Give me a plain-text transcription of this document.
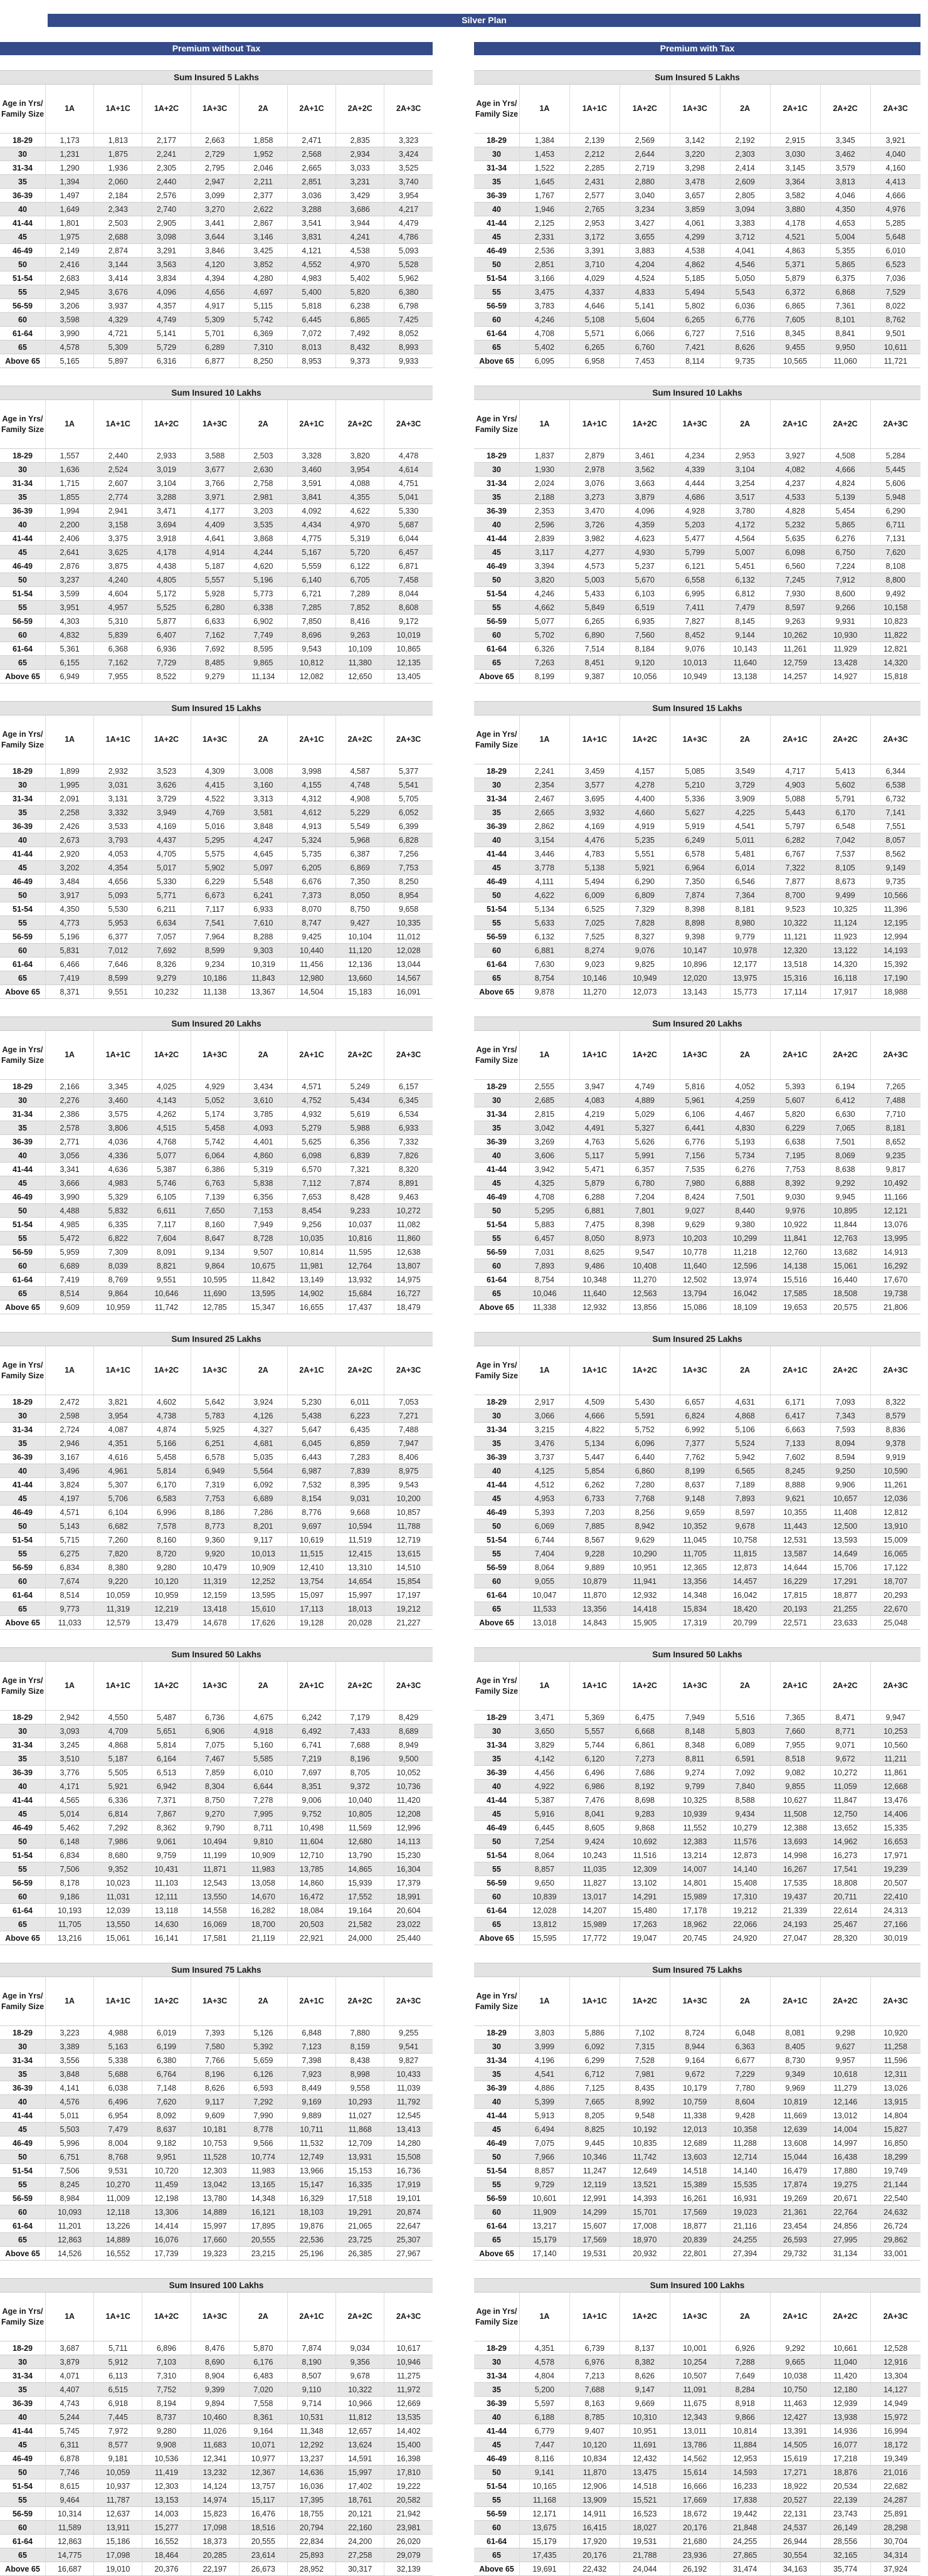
Silver Plan
Premium without Tax
Sum Insured 5 Lakhs
Age in Yrs/ Family Size	1A	1A+1C	1A+2C	1A+3C	2A	2A+1C	2A+2C	2A+3C
18-29	1,173	1,813	2,177	2,663	1,858	2,471	2,835	3,323
30	1,231	1,875	2,241	2,729	1,952	2,568	2,934	3,424
31-34	1,290	1,936	2,305	2,795	2,046	2,665	3,033	3,525
35	1,394	2,060	2,440	2,947	2,211	2,851	3,231	3,740
36-39	1,497	2,184	2,576	3,099	2,377	3,036	3,429	3,954
40	1,649	2,343	2,740	3,270	2,622	3,288	3,686	4,217
41-44	1,801	2,503	2,905	3,441	2,867	3,541	3,944	4,479
45	1,975	2,688	3,098	3,644	3,146	3,831	4,241	4,786
46-49	2,149	2,874	3,291	3,846	3,425	4,121	4,538	5,093
50	2,416	3,144	3,563	4,120	3,852	4,552	4,970	5,528
51-54	2,683	3,414	3,834	4,394	4,280	4,983	5,402	5,962
55	2,945	3,676	4,096	4,656	4,697	5,400	5,820	6,380
56-59	3,206	3,937	4,357	4,917	5,115	5,818	6,238	6,798
60	3,598	4,329	4,749	5,309	5,742	6,445	6,865	7,425
61-64	3,990	4,721	5,141	5,701	6,369	7,072	7,492	8,052
65	4,578	5,309	5,729	6,289	7,310	8,013	8,432	8,993
Above 65	5,165	5,897	6,316	6,877	8,250	8,953	9,373	9,933
Sum Insured 10 Lakhs
Age in Yrs/ Family Size	1A	1A+1C	1A+2C	1A+3C	2A	2A+1C	2A+2C	2A+3C
18-29	1,557	2,440	2,933	3,588	2,503	3,328	3,820	4,478
30	1,636	2,524	3,019	3,677	2,630	3,460	3,954	4,614
31-34	1,715	2,607	3,104	3,766	2,758	3,591	4,088	4,751
35	1,855	2,774	3,288	3,971	2,981	3,841	4,355	5,041
36-39	1,994	2,941	3,471	4,177	3,203	4,092	4,622	5,330
40	2,200	3,158	3,694	4,409	3,535	4,434	4,970	5,687
41-44	2,406	3,375	3,918	4,641	3,868	4,775	5,319	6,044
45	2,641	3,625	4,178	4,914	4,244	5,167	5,720	6,457
46-49	2,876	3,875	4,438	5,187	4,620	5,559	6,122	6,871
50	3,237	4,240	4,805	5,557	5,196	6,140	6,705	7,458
51-54	3,599	4,604	5,172	5,928	5,773	6,721	7,289	8,044
55	3,951	4,957	5,525	6,280	6,338	7,285	7,852	8,608
56-59	4,303	5,310	5,877	6,633	6,902	7,850	8,416	9,172
60	4,832	5,839	6,407	7,162	7,749	8,696	9,263	10,019
61-64	5,361	6,368	6,936	7,692	8,595	9,543	10,109	10,865
65	6,155	7,162	7,729	8,485	9,865	10,812	11,380	12,135
Above 65	6,949	7,955	8,522	9,279	11,134	12,082	12,650	13,405
Sum Insured 15 Lakhs
Age in Yrs/ Family Size	1A	1A+1C	1A+2C	1A+3C	2A	2A+1C	2A+2C	2A+3C
18-29	1,899	2,932	3,523	4,309	3,008	3,998	4,587	5,377
30	1,995	3,031	3,626	4,415	3,160	4,155	4,748	5,541
31-34	2,091	3,131	3,729	4,522	3,313	4,312	4,908	5,705
35	2,258	3,332	3,949	4,769	3,581	4,612	5,229	6,052
36-39	2,426	3,533	4,169	5,016	3,848	4,913	5,549	6,399
40	2,673	3,793	4,437	5,295	4,247	5,324	5,968	6,828
41-44	2,920	4,053	4,705	5,575	4,645	5,735	6,387	7,256
45	3,202	4,354	5,017	5,902	5,097	6,205	6,869	7,753
46-49	3,484	4,656	5,330	6,229	5,548	6,676	7,350	8,250
50	3,917	5,093	5,771	6,673	6,241	7,373	8,050	8,954
51-54	4,350	5,530	6,211	7,117	6,933	8,070	8,750	9,658
55	4,773	5,953	6,634	7,541	7,610	8,747	9,427	10,335
56-59	5,196	6,377	7,057	7,964	8,288	9,425	10,104	11,012
60	5,831	7,012	7,692	8,599	9,303	10,440	11,120	12,028
61-64	6,466	7,646	8,326	9,234	10,319	11,456	12,136	13,044
65	7,419	8,599	9,279	10,186	11,843	12,980	13,660	14,567
Above 65	8,371	9,551	10,232	11,138	13,367	14,504	15,183	16,091
Sum Insured 20 Lakhs
Age in Yrs/ Family Size	1A	1A+1C	1A+2C	1A+3C	2A	2A+1C	2A+2C	2A+3C
18-29	2,166	3,345	4,025	4,929	3,434	4,571	5,249	6,157
30	2,276	3,460	4,143	5,052	3,610	4,752	5,434	6,345
31-34	2,386	3,575	4,262	5,174	3,785	4,932	5,619	6,534
35	2,578	3,806	4,515	5,458	4,093	5,279	5,988	6,933
36-39	2,771	4,036	4,768	5,742	4,401	5,625	6,356	7,332
40	3,056	4,336	5,077	6,064	4,860	6,098	6,839	7,826
41-44	3,341	4,636	5,387	6,386	5,319	6,570	7,321	8,320
45	3,666	4,983	5,746	6,763	5,838	7,112	7,874	8,891
46-49	3,990	5,329	6,105	7,139	6,356	7,653	8,428	9,463
50	4,488	5,832	6,611	7,650	7,153	8,454	9,233	10,272
51-54	4,985	6,335	7,117	8,160	7,949	9,256	10,037	11,082
55	5,472	6,822	7,604	8,647	8,728	10,035	10,816	11,860
56-59	5,959	7,309	8,091	9,134	9,507	10,814	11,595	12,638
60	6,689	8,039	8,821	9,864	10,675	11,981	12,764	13,807
61-64	7,419	8,769	9,551	10,595	11,842	13,149	13,932	14,975
65	8,514	9,864	10,646	11,690	13,595	14,902	15,684	16,727
Above 65	9,609	10,959	11,742	12,785	15,347	16,655	17,437	18,479
Sum Insured 25 Lakhs
Age in Yrs/ Family Size	1A	1A+1C	1A+2C	1A+3C	2A	2A+1C	2A+2C	2A+3C
18-29	2,472	3,821	4,602	5,642	3,924	5,230	6,011	7,053
30	2,598	3,954	4,738	5,783	4,126	5,438	6,223	7,271
31-34	2,724	4,087	4,874	5,925	4,327	5,647	6,435	7,488
35	2,946	4,351	5,166	6,251	4,681	6,045	6,859	7,947
36-39	3,167	4,616	5,458	6,578	5,035	6,443	7,283	8,406
40	3,496	4,961	5,814	6,949	5,564	6,987	7,839	8,975
41-44	3,824	5,307	6,170	7,319	6,092	7,532	8,395	9,543
45	4,197	5,706	6,583	7,753	6,689	8,154	9,031	10,200
46-49	4,571	6,104	6,996	8,186	7,286	8,776	9,668	10,857
50	5,143	6,682	7,578	8,773	8,201	9,697	10,594	11,788
51-54	5,715	7,260	8,160	9,360	9,117	10,619	11,519	12,719
55	6,275	7,820	8,720	9,920	10,013	11,515	12,415	13,615
56-59	6,834	8,380	9,280	10,479	10,909	12,410	13,310	14,510
60	7,674	9,220	10,120	11,319	12,252	13,754	14,654	15,854
61-64	8,514	10,059	10,959	12,159	13,595	15,097	15,997	17,197
65	9,773	11,319	12,219	13,418	15,610	17,113	18,013	19,212
Above 65	11,033	12,579	13,479	14,678	17,626	19,128	20,028	21,227
Sum Insured 50 Lakhs
Age in Yrs/ Family Size	1A	1A+1C	1A+2C	1A+3C	2A	2A+1C	2A+2C	2A+3C
18-29	2,942	4,550	5,487	6,736	4,675	6,242	7,179	8,429
30	3,093	4,709	5,651	6,906	4,918	6,492	7,433	8,689
31-34	3,245	4,868	5,814	7,075	5,160	6,741	7,688	8,949
35	3,510	5,187	6,164	7,467	5,585	7,219	8,196	9,500
36-39	3,776	5,505	6,513	7,859	6,010	7,697	8,705	10,052
40	4,171	5,921	6,942	8,304	6,644	8,351	9,372	10,736
41-44	4,565	6,336	7,371	8,750	7,278	9,006	10,040	11,420
45	5,014	6,814	7,867	9,270	7,995	9,752	10,805	12,208
46-49	5,462	7,292	8,362	9,790	8,711	10,498	11,569	12,996
50	6,148	7,986	9,061	10,494	9,810	11,604	12,680	14,113
51-54	6,834	8,680	9,759	11,199	10,909	12,710	13,790	15,230
55	7,506	9,352	10,431	11,871	11,983	13,785	14,865	16,304
56-59	8,178	10,023	11,103	12,543	13,058	14,860	15,939	17,379
60	9,186	11,031	12,111	13,550	14,670	16,472	17,552	18,991
61-64	10,193	12,039	13,118	14,558	16,282	18,084	19,164	20,604
65	11,705	13,550	14,630	16,069	18,700	20,503	21,582	23,022
Above 65	13,216	15,061	16,141	17,581	21,119	22,921	24,000	25,440
Sum Insured 75 Lakhs
Age in Yrs/ Family Size	1A	1A+1C	1A+2C	1A+3C	2A	2A+1C	2A+2C	2A+3C
18-29	3,223	4,988	6,019	7,393	5,126	6,848	7,880	9,255
30	3,389	5,163	6,199	7,580	5,392	7,123	8,159	9,541
31-34	3,556	5,338	6,380	7,766	5,659	7,398	8,438	9,827
35	3,848	5,688	6,764	8,196	6,126	7,923	8,998	10,433
36-39	4,141	6,038	7,148	8,626	6,593	8,449	9,558	11,039
40	4,576	6,496	7,620	9,117	7,292	9,169	10,293	11,792
41-44	5,011	6,954	8,092	9,609	7,990	9,889	11,027	12,545
45	5,503	7,479	8,637	10,181	8,778	10,711	11,868	13,413
46-49	5,996	8,004	9,182	10,753	9,566	11,532	12,709	14,280
50	6,751	8,768	9,951	11,528	10,774	12,749	13,931	15,508
51-54	7,506	9,531	10,720	12,303	11,983	13,966	15,153	16,736
55	8,245	10,270	11,459	13,042	13,165	15,147	16,335	17,919
56-59	8,984	11,009	12,198	13,780	14,348	16,329	17,518	19,101
60	10,093	12,118	13,306	14,889	16,121	18,103	19,291	20,874
61-64	11,201	13,226	14,414	15,997	17,895	19,876	21,065	22,647
65	12,863	14,889	16,076	17,660	20,555	22,536	23,725	25,307
Above 65	14,526	16,552	17,739	19,323	23,215	25,196	26,385	27,967
Sum Insured 100 Lakhs
Age in Yrs/ Family Size	1A	1A+1C	1A+2C	1A+3C	2A	2A+1C	2A+2C	2A+3C
18-29	3,687	5,711	6,896	8,476	5,870	7,874	9,034	10,617
30	3,879	5,912	7,103	8,690	6,176	8,190	9,356	10,946
31-34	4,071	6,113	7,310	8,904	6,483	8,507	9,678	11,275
35	4,407	6,515	7,752	9,399	7,020	9,110	10,322	11,972
36-39	4,743	6,918	8,194	9,894	7,558	9,714	10,966	12,669
40	5,244	7,445	8,737	10,460	8,361	10,531	11,812	13,535
41-44	5,745	7,972	9,280	11,026	9,164	11,348	12,657	14,402
45	6,311	8,577	9,908	11,683	10,071	12,292	13,624	15,400
46-49	6,878	9,181	10,536	12,341	10,977	13,237	14,591	16,398
50	7,746	10,059	11,419	13,232	12,367	14,636	15,997	17,810
51-54	8,615	10,937	12,303	14,124	13,757	16,036	17,402	19,222
55	9,464	11,787	13,153	14,974	15,117	17,395	18,761	20,582
56-59	10,314	12,637	14,003	15,823	16,476	18,755	20,121	21,942
60	11,589	13,911	15,277	17,098	18,516	20,794	22,160	23,981
61-64	12,863	15,186	16,552	18,373	20,555	22,834	24,200	26,020
65	14,775	17,098	18,464	20,285	23,614	25,893	27,258	29,079
Above 65	16,687	19,010	20,376	22,197	26,673	28,952	30,317	32,139
Premium with Tax
Sum Insured 5 Lakhs
Age in Yrs/ Family Size	1A	1A+1C	1A+2C	1A+3C	2A	2A+1C	2A+2C	2A+3C
18-29	1,384	2,139	2,569	3,142	2,192	2,915	3,345	3,921
30	1,453	2,212	2,644	3,220	2,303	3,030	3,462	4,040
31-34	1,522	2,285	2,719	3,298	2,414	3,145	3,579	4,160
35	1,645	2,431	2,880	3,478	2,609	3,364	3,813	4,413
36-39	1,767	2,577	3,040	3,657	2,805	3,582	4,046	4,666
40	1,946	2,765	3,234	3,859	3,094	3,880	4,350	4,976
41-44	2,125	2,953	3,427	4,061	3,383	4,178	4,653	5,285
45	2,331	3,172	3,655	4,299	3,712	4,521	5,004	5,648
46-49	2,536	3,391	3,883	4,538	4,041	4,863	5,355	6,010
50	2,851	3,710	4,204	4,862	4,546	5,371	5,865	6,523
51-54	3,166	4,029	4,524	5,185	5,050	5,879	6,375	7,036
55	3,475	4,337	4,833	5,494	5,543	6,372	6,868	7,529
56-59	3,783	4,646	5,141	5,802	6,036	6,865	7,361	8,022
60	4,246	5,108	5,604	6,265	6,776	7,605	8,101	8,762
61-64	4,708	5,571	6,066	6,727	7,516	8,345	8,841	9,501
65	5,402	6,265	6,760	7,421	8,626	9,455	9,950	10,611
Above 65	6,095	6,958	7,453	8,114	9,735	10,565	11,060	11,721
Sum Insured 10 Lakhs
Age in Yrs/ Family Size	1A	1A+1C	1A+2C	1A+3C	2A	2A+1C	2A+2C	2A+3C
18-29	1,837	2,879	3,461	4,234	2,953	3,927	4,508	5,284
30	1,930	2,978	3,562	4,339	3,104	4,082	4,666	5,445
31-34	2,024	3,076	3,663	4,444	3,254	4,237	4,824	5,606
35	2,188	3,273	3,879	4,686	3,517	4,533	5,139	5,948
36-39	2,353	3,470	4,096	4,928	3,780	4,828	5,454	6,290
40	2,596	3,726	4,359	5,203	4,172	5,232	5,865	6,711
41-44	2,839	3,982	4,623	5,477	4,564	5,635	6,276	7,131
45	3,117	4,277	4,930	5,799	5,007	6,098	6,750	7,620
46-49	3,394	4,573	5,237	6,121	5,451	6,560	7,224	8,108
50	3,820	5,003	5,670	6,558	6,132	7,245	7,912	8,800
51-54	4,246	5,433	6,103	6,995	6,812	7,930	8,600	9,492
55	4,662	5,849	6,519	7,411	7,479	8,597	9,266	10,158
56-59	5,077	6,265	6,935	7,827	8,145	9,263	9,931	10,823
60	5,702	6,890	7,560	8,452	9,144	10,262	10,930	11,822
61-64	6,326	7,514	8,184	9,076	10,143	11,261	11,929	12,821
65	7,263	8,451	9,120	10,013	11,640	12,759	13,428	14,320
Above 65	8,199	9,387	10,056	10,949	13,138	14,257	14,927	15,818
Sum Insured 15 Lakhs
Age in Yrs/ Family Size	1A	1A+1C	1A+2C	1A+3C	2A	2A+1C	2A+2C	2A+3C
18-29	2,241	3,459	4,157	5,085	3,549	4,717	5,413	6,344
30	2,354	3,577	4,278	5,210	3,729	4,903	5,602	6,538
31-34	2,467	3,695	4,400	5,336	3,909	5,088	5,791	6,732
35	2,665	3,932	4,660	5,627	4,225	5,443	6,170	7,141
36-39	2,862	4,169	4,919	5,919	4,541	5,797	6,548	7,551
40	3,154	4,476	5,235	6,249	5,011	6,282	7,042	8,057
41-44	3,446	4,783	5,551	6,578	5,481	6,767	7,537	8,562
45	3,778	5,138	5,921	6,964	6,014	7,322	8,105	9,149
46-49	4,111	5,494	6,290	7,350	6,546	7,877	8,673	9,735
50	4,622	6,009	6,809	7,874	7,364	8,700	9,499	10,566
51-54	5,134	6,525	7,329	8,398	8,181	9,523	10,325	11,396
55	5,633	7,025	7,828	8,898	8,980	10,322	11,124	12,195
56-59	6,132	7,525	8,327	9,398	9,779	11,121	11,923	12,994
60	6,881	8,274	9,076	10,147	10,978	12,320	13,122	14,193
61-64	7,630	9,023	9,825	10,896	12,177	13,518	14,320	15,392
65	8,754	10,146	10,949	12,020	13,975	15,316	16,118	17,190
Above 65	9,878	11,270	12,073	13,143	15,773	17,114	17,917	18,988
Sum Insured 20 Lakhs
Age in Yrs/ Family Size	1A	1A+1C	1A+2C	1A+3C	2A	2A+1C	2A+2C	2A+3C
18-29	2,555	3,947	4,749	5,816	4,052	5,393	6,194	7,265
30	2,685	4,083	4,889	5,961	4,259	5,607	6,412	7,488
31-34	2,815	4,219	5,029	6,106	4,467	5,820	6,630	7,710
35	3,042	4,491	5,327	6,441	4,830	6,229	7,065	8,181
36-39	3,269	4,763	5,626	6,776	5,193	6,638	7,501	8,652
40	3,606	5,117	5,991	7,156	5,734	7,195	8,069	9,235
41-44	3,942	5,471	6,357	7,535	6,276	7,753	8,638	9,817
45	4,325	5,879	6,780	7,980	6,888	8,392	9,292	10,492
46-49	4,708	6,288	7,204	8,424	7,501	9,030	9,945	11,166
50	5,295	6,881	7,801	9,027	8,440	9,976	10,895	12,121
51-54	5,883	7,475	8,398	9,629	9,380	10,922	11,844	13,076
55	6,457	8,050	8,973	10,203	10,299	11,841	12,763	13,995
56-59	7,031	8,625	9,547	10,778	11,218	12,760	13,682	14,913
60	7,893	9,486	10,408	11,640	12,596	14,138	15,061	16,292
61-64	8,754	10,348	11,270	12,502	13,974	15,516	16,440	17,670
65	10,046	11,640	12,563	13,794	16,042	17,585	18,508	19,738
Above 65	11,338	12,932	13,856	15,086	18,109	19,653	20,575	21,806
Sum Insured 25 Lakhs
Age in Yrs/ Family Size	1A	1A+1C	1A+2C	1A+3C	2A	2A+1C	2A+2C	2A+3C
18-29	2,917	4,509	5,430	6,657	4,631	6,171	7,093	8,322
30	3,066	4,666	5,591	6,824	4,868	6,417	7,343	8,579
31-34	3,215	4,822	5,752	6,992	5,106	6,663	7,593	8,836
35	3,476	5,134	6,096	7,377	5,524	7,133	8,094	9,378
36-39	3,737	5,447	6,440	7,762	5,942	7,602	8,594	9,919
40	4,125	5,854	6,860	8,199	6,565	8,245	9,250	10,590
41-44	4,512	6,262	7,280	8,637	7,189	8,888	9,906	11,261
45	4,953	6,733	7,768	9,148	7,893	9,621	10,657	12,036
46-49	5,393	7,203	8,256	9,659	8,597	10,355	11,408	12,812
50	6,069	7,885	8,942	10,352	9,678	11,443	12,500	13,910
51-54	6,744	8,567	9,629	11,045	10,758	12,531	13,593	15,009
55	7,404	9,228	10,290	11,705	11,815	13,587	14,649	16,065
56-59	8,064	9,889	10,951	12,365	12,873	14,644	15,706	17,122
60	9,055	10,879	11,941	13,356	14,457	16,229	17,291	18,707
61-64	10,047	11,870	12,932	14,348	16,042	17,815	18,877	20,293
65	11,533	13,356	14,418	15,834	18,420	20,193	21,255	22,670
Above 65	13,018	14,843	15,905	17,319	20,799	22,571	23,633	25,048
Sum Insured 50 Lakhs
Age in Yrs/ Family Size	1A	1A+1C	1A+2C	1A+3C	2A	2A+1C	2A+2C	2A+3C
18-29	3,471	5,369	6,475	7,949	5,516	7,365	8,471	9,947
30	3,650	5,557	6,668	8,148	5,803	7,660	8,771	10,253
31-34	3,829	5,744	6,861	8,348	6,089	7,955	9,071	10,560
35	4,142	6,120	7,273	8,811	6,591	8,518	9,672	11,211
36-39	4,456	6,496	7,686	9,274	7,092	9,082	10,272	11,861
40	4,922	6,986	8,192	9,799	7,840	9,855	11,059	12,668
41-44	5,387	7,476	8,698	10,325	8,588	10,627	11,847	13,476
45	5,916	8,041	9,283	10,939	9,434	11,508	12,750	14,406
46-49	6,445	8,605	9,868	11,552	10,279	12,388	13,652	15,335
50	7,254	9,424	10,692	12,383	11,576	13,693	14,962	16,653
51-54	8,064	10,243	11,516	13,214	12,873	14,998	16,273	17,971
55	8,857	11,035	12,309	14,007	14,140	16,267	17,541	19,239
56-59	9,650	11,827	13,102	14,801	15,408	17,535	18,808	20,507
60	10,839	13,017	14,291	15,989	17,310	19,437	20,711	22,410
61-64	12,028	14,207	15,480	17,178	19,212	21,339	22,614	24,313
65	13,812	15,989	17,263	18,962	22,066	24,193	25,467	27,166
Above 65	15,595	17,772	19,047	20,745	24,920	27,047	28,320	30,019
Sum Insured 75 Lakhs
Age in Yrs/ Family Size	1A	1A+1C	1A+2C	1A+3C	2A	2A+1C	2A+2C	2A+3C
18-29	3,803	5,886	7,102	8,724	6,048	8,081	9,298	10,920
30	3,999	6,092	7,315	8,944	6,363	8,405	9,627	11,258
31-34	4,196	6,299	7,528	9,164	6,677	8,730	9,957	11,596
35	4,541	6,712	7,981	9,672	7,229	9,349	10,618	12,311
36-39	4,886	7,125	8,435	10,179	7,780	9,969	11,279	13,026
40	5,399	7,665	8,992	10,759	8,604	10,819	12,146	13,915
41-44	5,913	8,205	9,548	11,338	9,428	11,669	13,012	14,804
45	6,494	8,825	10,192	12,013	10,358	12,639	14,004	15,827
46-49	7,075	9,445	10,835	12,689	11,288	13,608	14,997	16,850
50	7,966	10,346	11,742	13,603	12,714	15,044	16,438	18,299
51-54	8,857	11,247	12,649	14,518	14,140	16,479	17,880	19,749
55	9,729	12,119	13,521	15,389	15,535	17,874	19,275	21,144
56-59	10,601	12,991	14,393	16,261	16,931	19,269	20,671	22,540
60	11,909	14,299	15,701	17,569	19,023	21,361	22,764	24,632
61-64	13,217	15,607	17,008	18,877	21,116	23,454	24,856	26,724
65	15,179	17,569	18,970	20,839	24,255	26,593	27,995	29,862
Above 65	17,140	19,531	20,932	22,801	27,394	29,732	31,134	33,001
Sum Insured 100 Lakhs
Age in Yrs/ Family Size	1A	1A+1C	1A+2C	1A+3C	2A	2A+1C	2A+2C	2A+3C
18-29	4,351	6,739	8,137	10,001	6,926	9,292	10,661	12,528
30	4,578	6,976	8,382	10,254	7,288	9,665	11,040	12,916
31-34	4,804	7,213	8,626	10,507	7,649	10,038	11,420	13,304
35	5,200	7,688	9,147	11,091	8,284	10,750	12,180	14,127
36-39	5,597	8,163	9,669	11,675	8,918	11,463	12,939	14,949
40	6,188	8,785	10,310	12,343	9,866	12,427	13,938	15,972
41-44	6,779	9,407	10,951	13,011	10,814	13,391	14,936	16,994
45	7,447	10,120	11,691	13,786	11,884	14,505	16,077	18,172
46-49	8,116	10,834	12,432	14,562	12,953	15,619	17,218	19,349
50	9,141	11,870	13,475	15,614	14,593	17,271	18,876	21,016
51-54	10,165	12,906	14,518	16,666	16,233	18,922	20,534	22,682
55	11,168	13,909	15,521	17,669	17,838	20,527	22,139	24,287
56-59	12,171	14,911	16,523	18,672	19,442	22,131	23,743	25,891
60	13,675	16,415	18,027	20,176	21,848	24,537	26,149	28,298
61-64	15,179	17,920	19,531	21,680	24,255	26,944	28,556	30,704
65	17,435	20,176	21,788	23,936	27,865	30,554	32,165	34,314
Above 65	19,691	22,432	24,044	26,192	31,474	34,163	35,774	37,924
